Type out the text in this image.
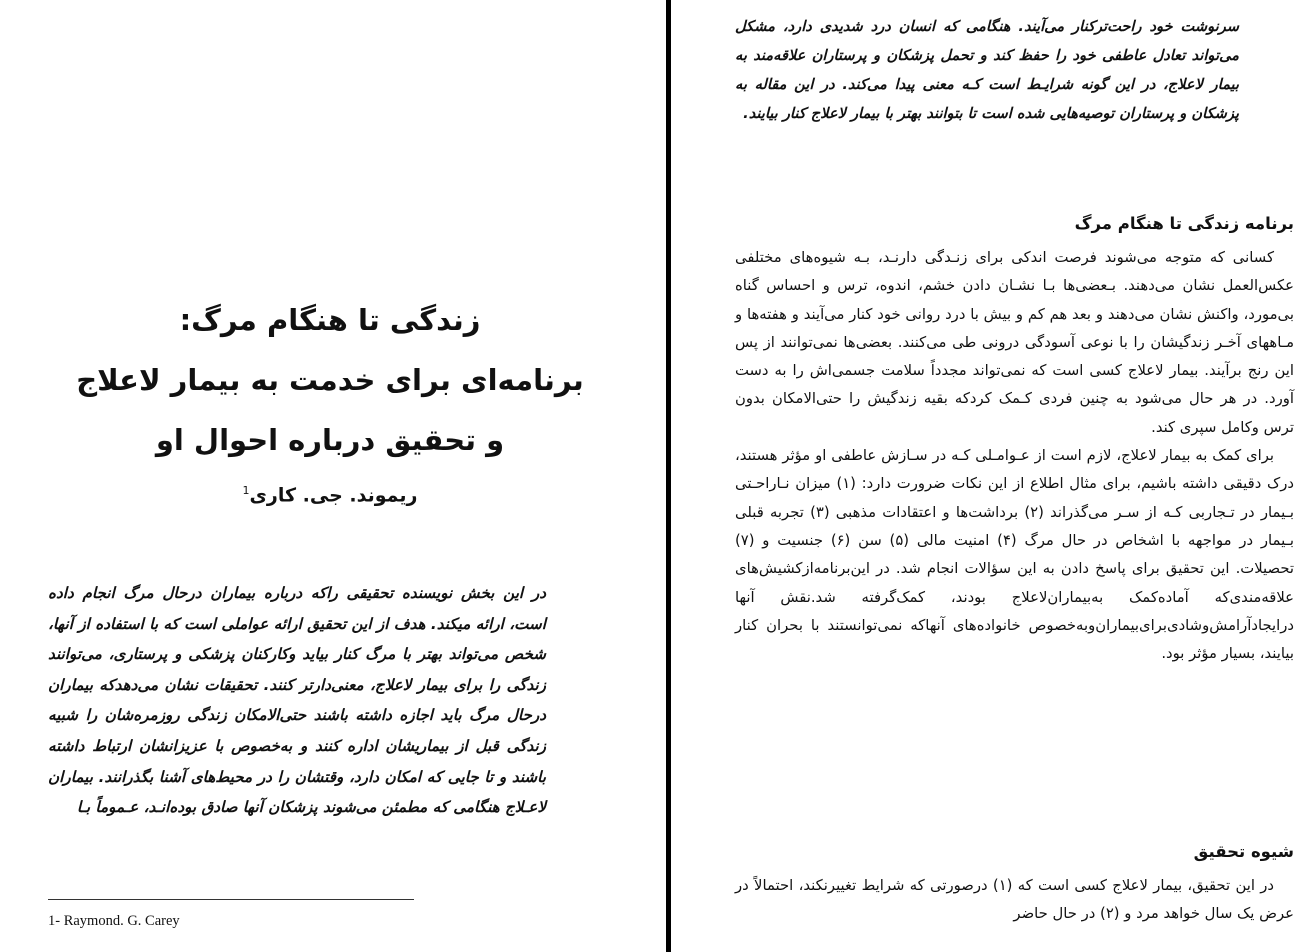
زندگی تا هنگام مرگ:

برنامه‌ای برای خدمت به بیمار لاعلاج

و تحقیق درباره احوال او

ریموند. جی. کاری$^1$

در این بخش نویسنده تحقیقی راکه درباره بیماران درحال مرگ انجام داده است، ارائه میکند. هدف از این تحقیق ارائه عواملی است که با استفاده از آنها، شخص می‌تواند بهتر با مرگ کنار بیاید وکارکنان پزشکی و پرستاری، می‌توانند زندگی را برای بیمار لاعلاج، معنی‌دارتر کنند. تحقیقات نشان می‌دهدکه بیماران درحال مرگ باید اجازه داشته باشند حتی‌الامکان زندگی روزمره‌شان را شبیه زندگی قبل از بیماریشان اداره کنند و به‌خصوص با عزیزانشان ارتباط داشته باشند و تا جایی که امکان دارد، وقتشان را در محیط‌های آشنا بگذرانند. بیماران لاعـلاج هنگامی که مطمئن می‌شوند پزشکان آنها صادق بوده‌انـد، عـموماً بـا

1- Raymond. G. Carey

سرنوشت خود راحت‌ترکنار می‌آیند. هنگامی که انسان درد شدیدی دارد، مشکل می‌تواند تعادل عاطفی خود را حفظ کند و تحمل پزشکان و پرستاران علاقه‌مند به بیمار لاعلاج، در این گونه شرایـط است کـه معنی پیدا می‌کند. در این مقاله به پزشکان و پرستاران توصیه‌هایی شده است تا بتوانند بهتر با بیمار لاعلاج کنار بیایند.

برنامه زندگی تا هنگام مرگ

کسانی که متوجه می‌شوند فرصت اندکی برای زنـدگی دارنـد، بـه شیوه‌های مختلفی عکس‌العمل نشان می‌دهند. بـعضی‌ها بـا نشـان دادن خشم، اندوه، ترس و احساس گناه بی‌مورد، واکنش نشان می‌دهند و بعد هم کم و بیش با درد روانی خود کنار می‌آیند و هفته‌ها و مـاههای آخـر زندگیشان را با نوعی آسودگی درونی طی می‌کنند. بعضی‌ها نمی‌توانند از پس این رنج برآیند. بیمار لاعلاج کسی است که نمی‌تواند مجدداً سلامت جسمی‌اش را به دست آورد. در هر حال می‌شود به چنین فردی کـمک کردکه بقیه زندگیش را حتی‌الامکان بدون ترس وکامل سپری کند.

برای کمک به بیمار لاعلاج، لازم است از عـوامـلی کـه در سـازش عاطفی او مؤثر هستند، درک دقیقی داشته باشیم، برای مثال اطلاع از این نکات ضرورت دارد: (۱) میزان نـاراحـتی بـیمار در تـجاربی کـه از سـر می‌گذراند (۲) برداشت‌ها و اعتقادات مذهبی (۳) تجربه قبلی بـیمار در مواجهه با اشخاص در حال مرگ (۴) امنیت مالی (۵) سن (۶) جنسیت و (۷) تحصیلات. این تحقیق برای پاسخ دادن به این سؤالات انجام شد. در این‌برنامه‌ازکشیش‌های علاقه‌مندی‌که آماده‌کمک به‌بیماران‌لاعلاج بودند، کمک‌گرفته شد.نقش آنها درایجادآرامش‌وشادی‌برای‌بیماران‌وبه‌خصوص خانواده‌های آنهاکه نمی‌توانستند با بحران کنار بیایند، بسیار مؤثر بود.

شیوه تحقیق

در این تحقیق، بیمار لاعلاج کسی است که (۱) درصورتی که شرایط تغییرنکند، احتمالاً در عرض یک سال خواهد مرد و (۲) در حال حاضر
